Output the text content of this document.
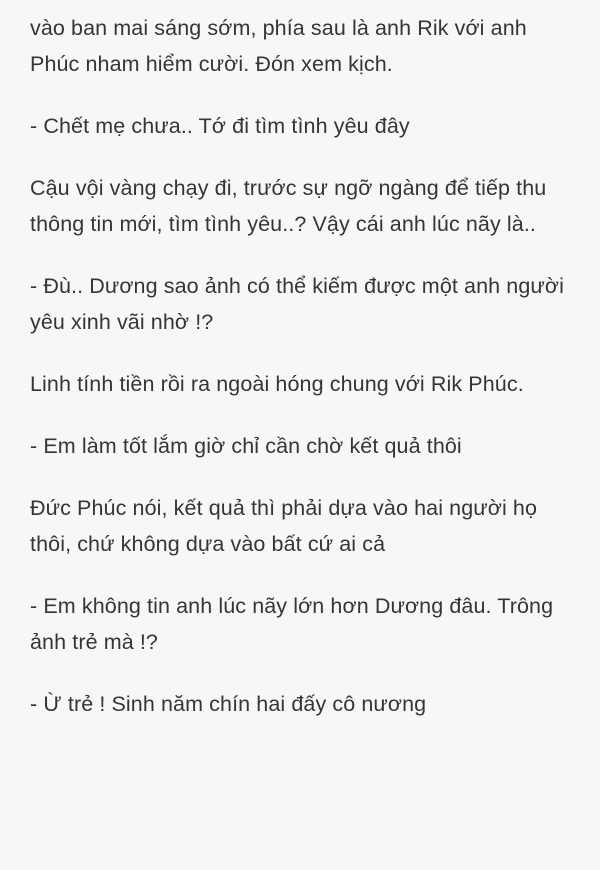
vào ban mai sáng sớm, phía sau là anh Rik với anh Phúc nham hiểm cười. Đón xem kịch.

- Chết mẹ chưa.. Tớ đi tìm tình yêu đây

Cậu vội vàng chạy đi, trước sự ngỡ ngàng để tiếp thu thông tin mới, tìm tình yêu..? Vậy cái anh lúc nãy là..

- Đù.. Dương sao ảnh có thể kiếm được một anh người yêu xinh vãi nhờ !?

Linh tính tiền rồi ra ngoài hóng chung với Rik Phúc.

- Em làm tốt lắm giờ chỉ cần chờ kết quả thôi

Đức Phúc nói, kết quả thì phải dựa vào hai người họ thôi, chứ không dựa vào bất cứ ai cả

- Em không tin anh lúc nãy lớn hơn Dương đâu. Trông ảnh trẻ mà !?

- Ừ trẻ ! Sinh năm chín hai đấy cô nương
